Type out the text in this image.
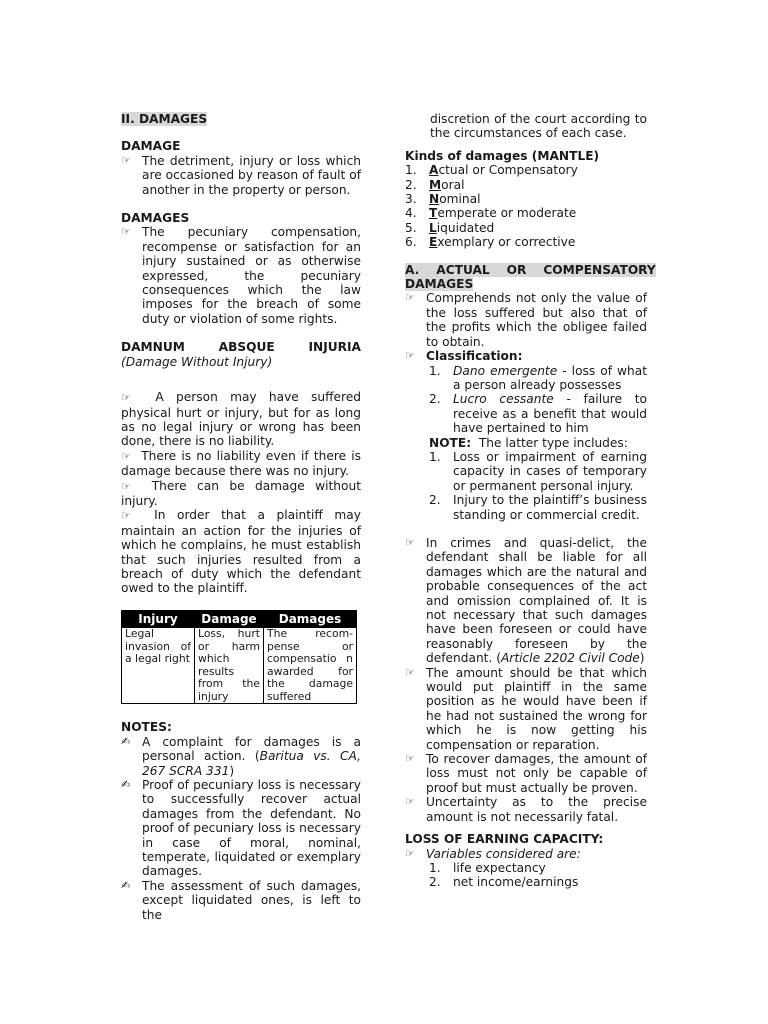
II. DAMAGES
DAMAGE
☞ The detriment, injury or loss which are occasioned by reason of fault of another in the property or person.
DAMAGES
☞ The pecuniary compensation, recompense or satisfaction for an injury sustained or as otherwise expressed, the pecuniary consequences which the law imposes for the breach of some duty or violation of some rights.
DAMNUM ABSQUE INJURIA (Damage Without Injury)

☞ A person may have suffered physical hurt or injury, but for as long as no legal injury or wrong has been done, there is no liability.

☞ There is no liability even if there is damage because there was no injury.

☞ There can be damage without injury.

☞ In order that a plaintiff may maintain an action for the injuries of which he complains, he must establish that such injuries resulted from a breach of duty which the defendant owed to the plaintiff.

Injury	Damage	Damages
Legal invasion of a legal right	Loss, hurt or harm which results from the injury	The recom-pense or compensatio n awarded for the damage suffered
NOTES:
✍ A complaint for damages is a personal action. (Baritua vs. CA, 267 SCRA 331)
✍ Proof of pecuniary loss is necessary to successfully recover actual damages from the defendant. No proof of pecuniary loss is necessary in case of moral, nominal, temperate, liquidated or exemplary damages.
✍ The assessment of such damages, except liquidated ones, is left to the
discretion of the court according to the circumstances of each case.
Kinds of damages (MANTLE)
1.	Actual or Compensatory
2.	Moral
3.	Nominal
4.	Temperate or moderate
5.	Liquidated
6.	Exemplary or corrective
A.    ACTUAL    OR    COMPENSATORY
DAMAGES
☞ Comprehends not only the value of the loss suffered but also that of the profits which the obligee failed to obtain.
☞ Classification:
1.	Dano emergente - loss of what a person already possesses
2.	Lucro cessante - failure to receive as a benefit that would have pertained to him
NOTE:  The latter type includes:
1.	Loss or impairment of earning capacity in cases of temporary or permanent personal injury.
2.	Injury to the plaintiff’s business standing or commercial credit.
☞ In crimes and quasi-delict, the defendant shall be liable for all damages which are the natural and probable consequences of the act and omission complained of. It is not necessary that such damages have been foreseen or could have reasonably foreseen by the defendant. (Article 2202 Civil Code)
☞ The amount should be that which would put plaintiff in the same position as he would have been if he had not sustained the wrong for which he is now getting his compensation or reparation.
☞ To recover damages, the amount of loss must not only be capable of proof but must actually be proven.
☞ Uncertainty as to the precise amount is not necessarily fatal.
LOSS OF EARNING CAPACITY:
☞ Variables considered are:
1.	life expectancy
2.	net income/earnings
